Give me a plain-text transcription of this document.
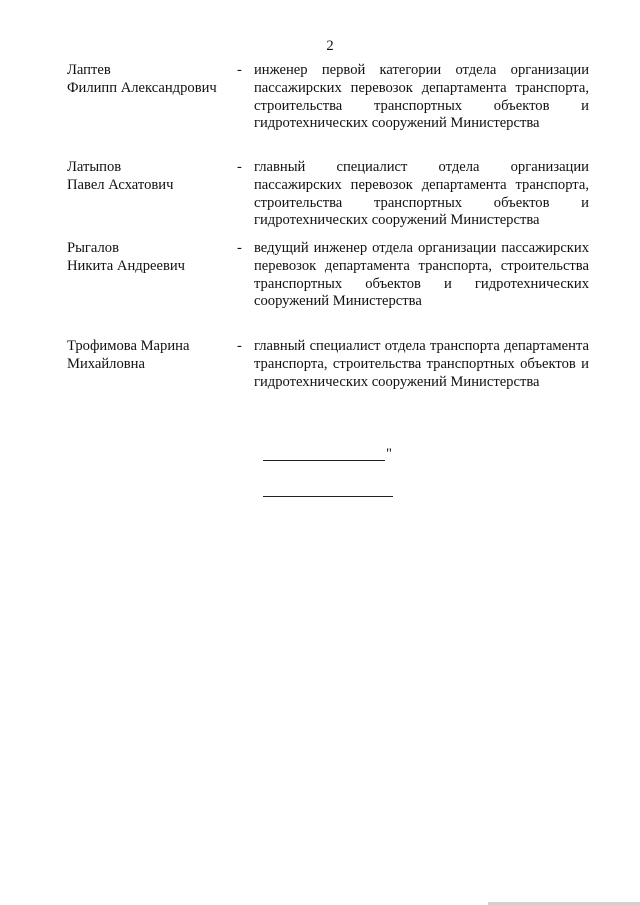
2
Лаптев
Филипп Александрович
- инженер первой категории отдела организации пассажирских перевозок департамента транспорта, строительства транспортных объектов и гидротехнических сооружений Министерства
Латыпов
Павел Асхатович
- главный специалист отдела организации пассажирских перевозок департамента транспорта, строительства транспортных объектов и гидротехнических сооружений Министерства
Рыгалов
Никита Андреевич
- ведущий инженер отдела организации пассажирских перевозок департамента транспорта, строительства транспортных объектов и гидротехнических сооружений Министерства
Трофимова Марина
Михайловна
- главный специалист отдела транспорта департамента транспорта, строительства транспортных объектов и гидротехнических сооружений Министерства
"
